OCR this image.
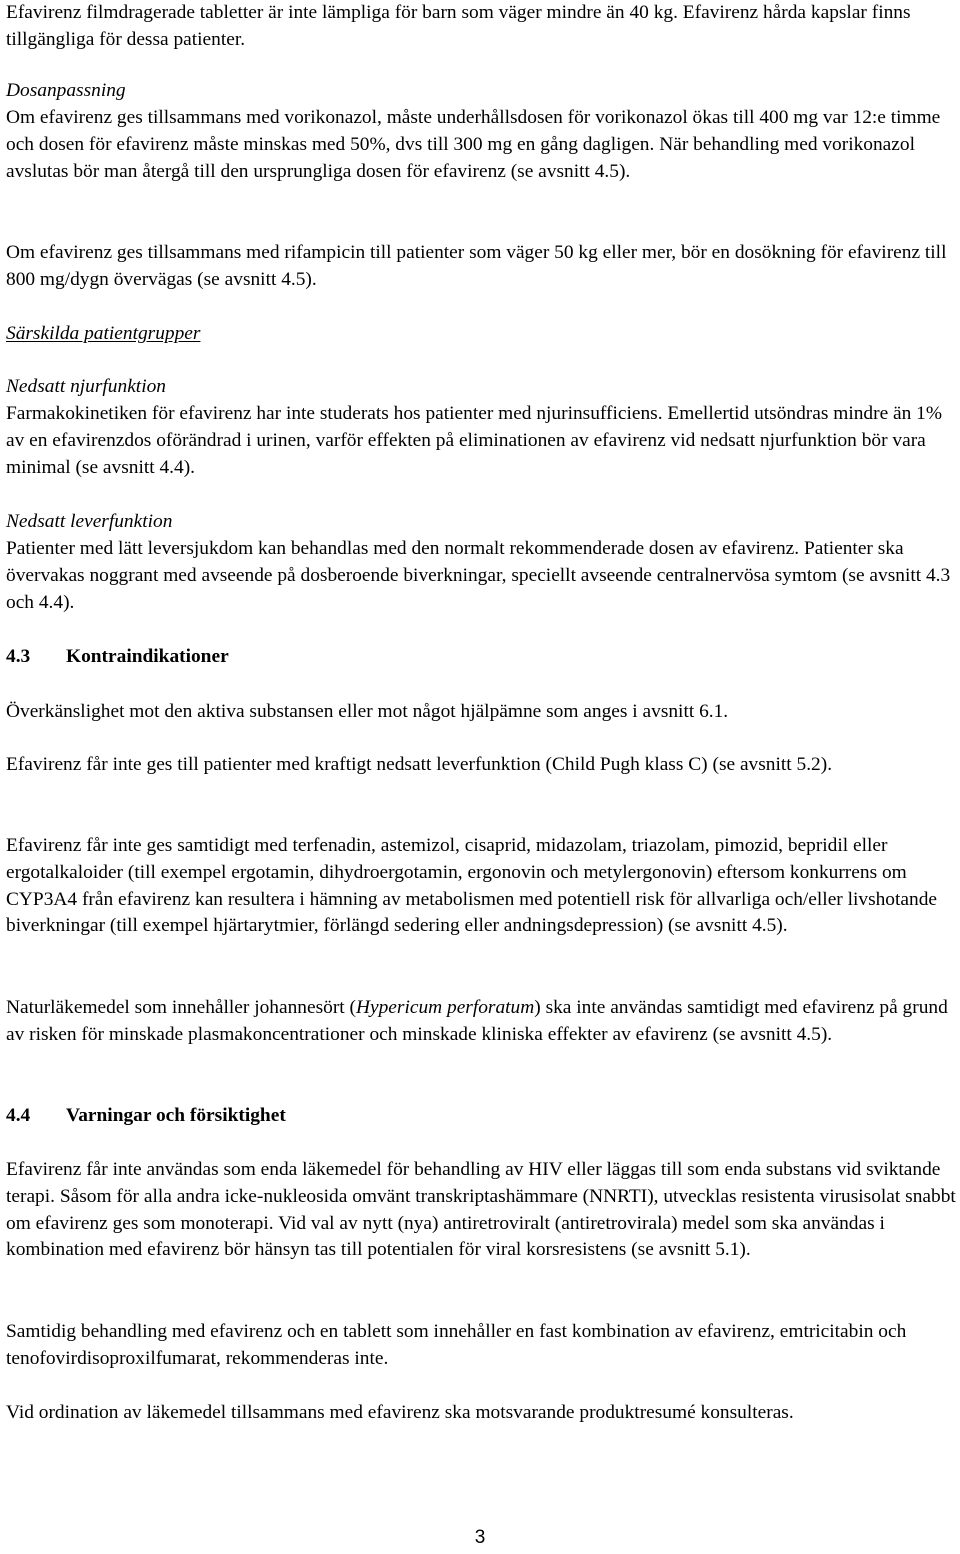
Efavirenz filmdragerade tabletter är inte lämpliga för barn som väger mindre än 40 kg. Efavirenz hårda kapslar finns tillgängliga för dessa patienter.

Dosanpassning

Om efavirenz ges tillsammans med vorikonazol, måste underhållsdosen för vorikonazol ökas till 400 mg var 12:e timme och dosen för efavirenz måste minskas med 50%, dvs till 300 mg en gång dagligen. När behandling med vorikonazol avslutas bör man återgå till den ursprungliga dosen för efavirenz (se avsnitt 4.5).

Om efavirenz ges tillsammans med rifampicin till patienter som väger 50 kg eller mer, bör en dosökning för efavirenz till 800 mg/dygn övervägas (se avsnitt 4.5).

Särskilda patientgrupper

Nedsatt njurfunktion

Farmakokinetiken för efavirenz har inte studerats hos patienter med njurinsufficiens. Emellertid utsöndras mindre än 1% av en efavirenzdos oförändrad i urinen, varför effekten på eliminationen av efavirenz vid nedsatt njurfunktion bör vara minimal (se avsnitt 4.4).

Nedsatt leverfunktion

Patienter med lätt leversjukdom kan behandlas med den normalt rekommenderade dosen av efavirenz. Patienter ska övervakas noggrant med avseende på dosberoende biverkningar, speciellt avseende centralnervösa symtom (se avsnitt 4.3 och 4.4).

4.3 Kontraindikationer

Överkänslighet mot den aktiva substansen eller mot något hjälpämne som anges i avsnitt 6.1.

Efavirenz får inte ges till patienter med kraftigt nedsatt leverfunktion (Child Pugh klass C) (se avsnitt 5.2).

Efavirenz får inte ges samtidigt med terfenadin, astemizol, cisaprid, midazolam, triazolam, pimozid, bepridil eller ergotalkaloider (till exempel ergotamin, dihydroergotamin, ergonovin och metylergonovin) eftersom konkurrens om CYP3A4 från efavirenz kan resultera i hämning av metabolismen med potentiell risk för allvarliga och/eller livshotande biverkningar (till exempel hjärtarytmier, förlängd sedering eller andningsdepression) (se avsnitt 4.5).

Naturläkemedel som innehåller johannesört (Hypericum perforatum) ska inte användas samtidigt med efavirenz på grund av risken för minskade plasmakoncentrationer och minskade kliniska effekter av efavirenz (se avsnitt 4.5).

4.4 Varningar och försiktighet

Efavirenz får inte användas som enda läkemedel för behandling av HIV eller läggas till som enda substans vid sviktande terapi. Såsom för alla andra icke-nukleosida omvänt transkriptashämmare (NNRTI), utvecklas resistenta virusisolat snabbt om efavirenz ges som monoterapi. Vid val av nytt (nya) antiretroviralt (antiretrovirala) medel som ska användas i kombination med efavirenz bör hänsyn tas till potentialen för viral korsresistens (se avsnitt 5.1).

Samtidig behandling med efavirenz och en tablett som innehåller en fast kombination av efavirenz, emtricitabin och tenofovirdisoproxilfumarat, rekommenderas inte.

Vid ordination av läkemedel tillsammans med efavirenz ska motsvarande produktresumé konsulteras.

3
